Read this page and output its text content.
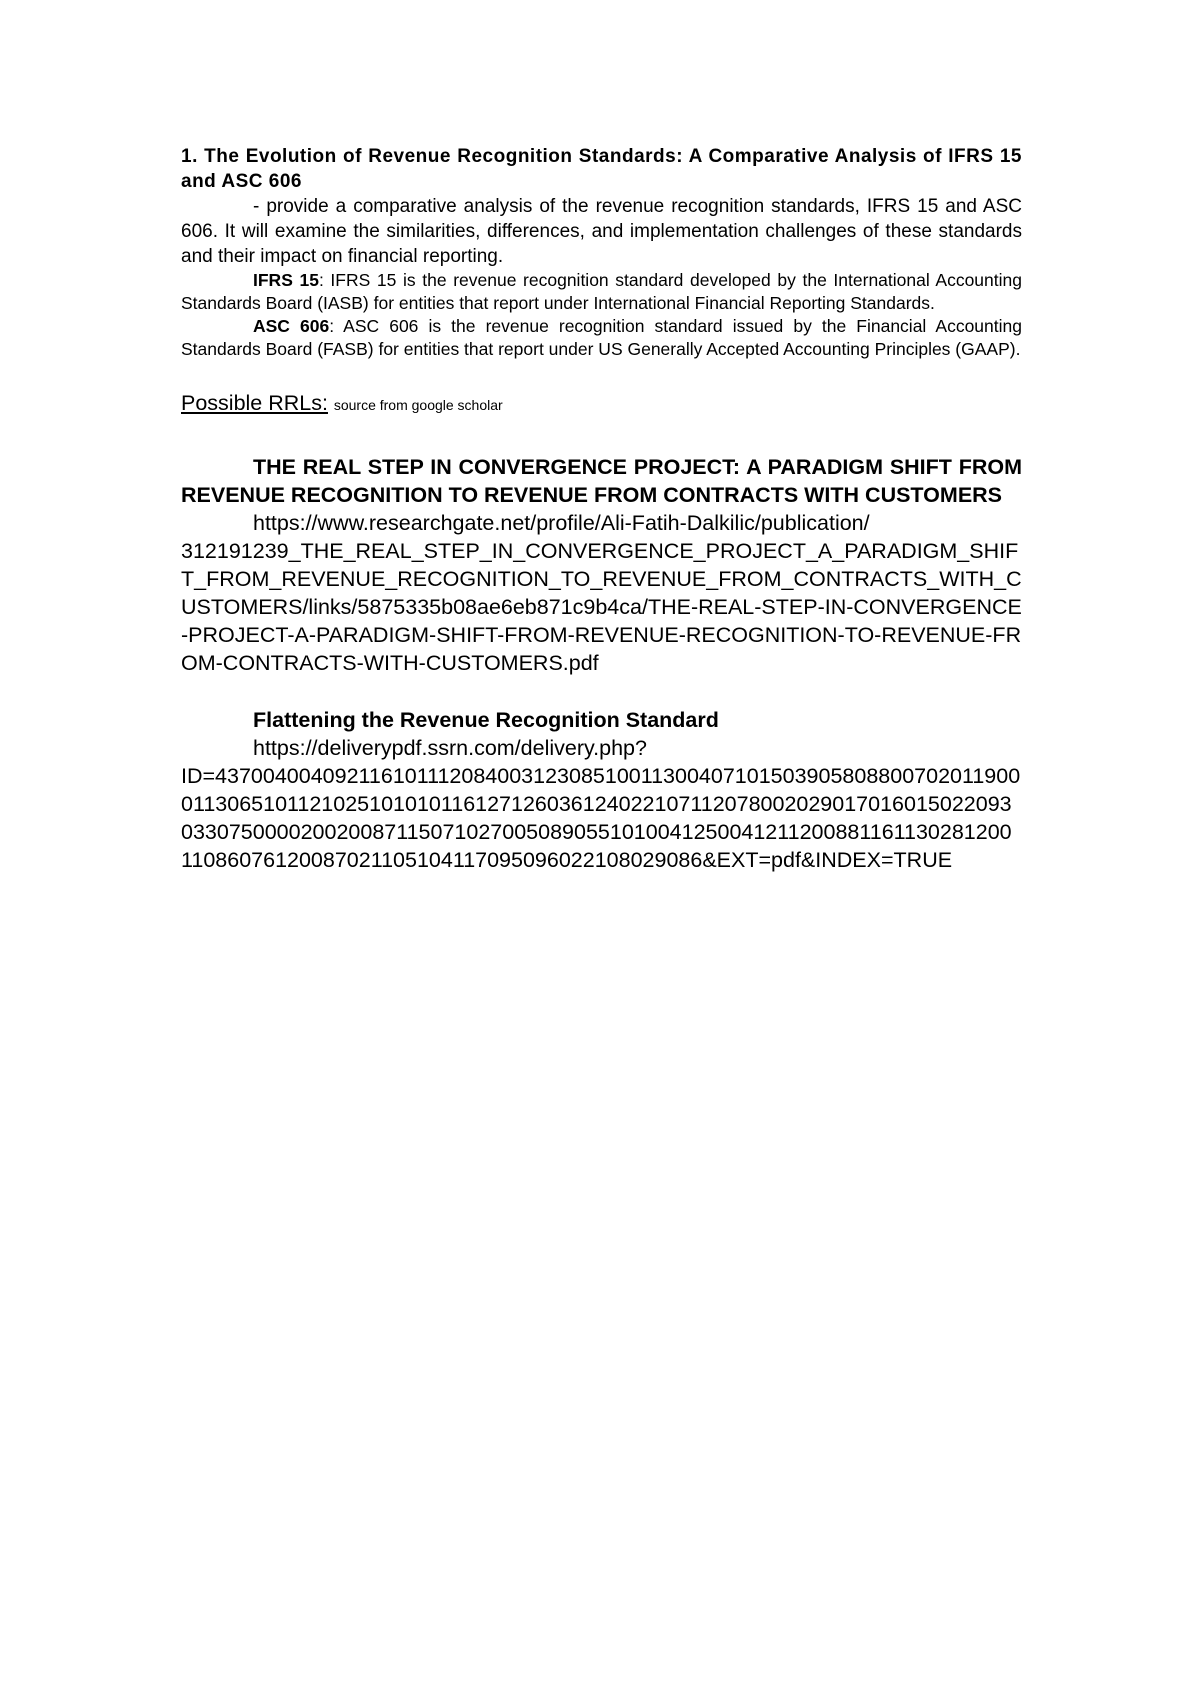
1. The Evolution of Revenue Recognition Standards: A Comparative Analysis of IFRS 15 and ASC 606

- provide a comparative analysis of the revenue recognition standards, IFRS 15 and ASC 606. It will examine the similarities, differences, and implementation challenges of these standards and their impact on financial reporting.

IFRS 15: IFRS 15 is the revenue recognition standard developed by the International Accounting Standards Board (IASB) for entities that report under International Financial Reporting Standards.

ASC 606: ASC 606 is the revenue recognition standard issued by the Financial Accounting Standards Board (FASB) for entities that report under US Generally Accepted Accounting Principles (GAAP).

Possible RRLs: source from google scholar

THE REAL STEP IN CONVERGENCE PROJECT: A PARADIGM SHIFT FROM REVENUE RECOGNITION TO REVENUE FROM CONTRACTS WITH CUSTOMERS

https://www.researchgate.net/profile/Ali-Fatih-Dalkilic/publication/
312191239_THE_REAL_STEP_IN_CONVERGENCE_PROJECT_A_PARADIGM_SHIFT_FROM_REVENUE_RECOGNITION_TO_REVENUE_FROM_CONTRACTS_WITH_CUSTOMERS/links/5875335b08ae6eb871c9b4ca/THE-REAL-STEP-IN-CONVERGENCE-PROJECT-A-PARADIGM-SHIFT-FROM-REVENUE-RECOGNITION-TO-REVENUE-FROM-CONTRACTS-WITH-CUSTOMERS.pdf

Flattening the Revenue Recognition Standard

https://deliverypdf.ssrn.com/delivery.php?
ID=437004004092116101112084003123085100113004071015039058088007020119000113065101121025101010116127126036124022107112078002029017016015022093033075000020020087115071027005089055101004125004121120088116113028120011086076120087021105104117095096022108029086&EXT=pdf&INDEX=TRUE
